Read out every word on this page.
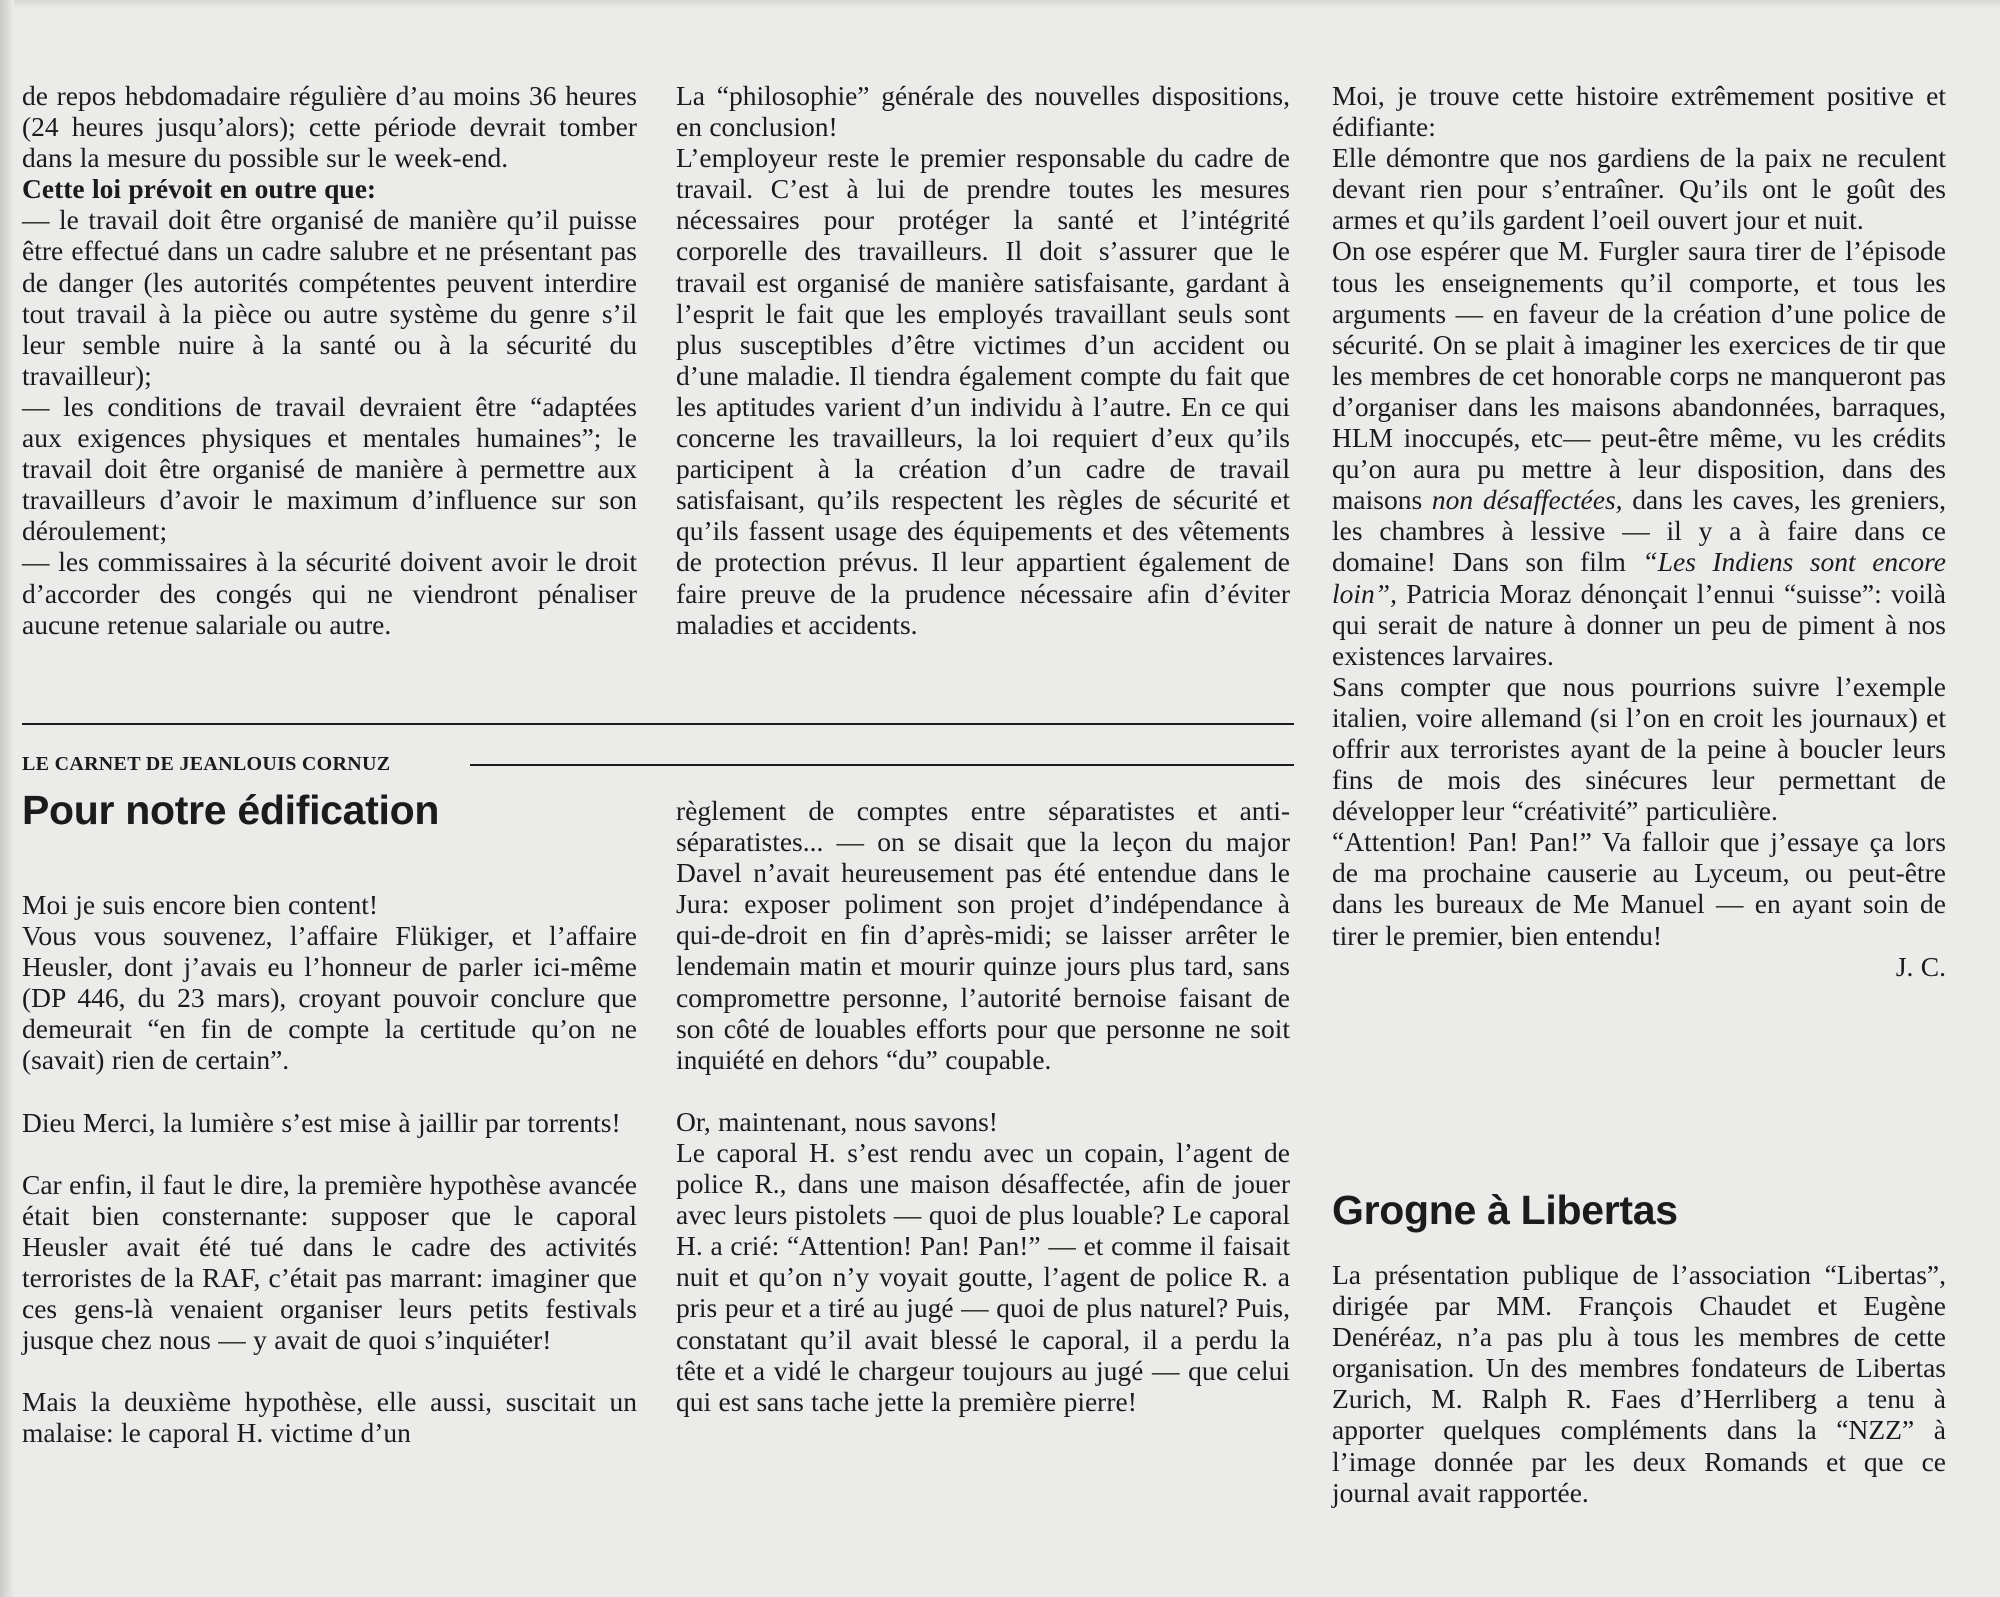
de repos hebdomadaire régulière d’au moins 36 heures (24 heures jusqu’alors); cette période devrait tomber dans la mesure du possible sur le week-end.

Cette loi prévoit en outre que:

— le travail doit être organisé de manière qu’il puisse être effectué dans un cadre salubre et ne présentant pas de danger (les autorités compétentes peuvent interdire tout travail à la pièce ou autre système du genre s’il leur semble nuire à la santé ou à la sécurité du travailleur);

— les conditions de travail devraient être “adaptées aux exigences physiques et mentales humaines”; le travail doit être organisé de manière à permettre aux travailleurs d’avoir le maximum d’influence sur son déroulement;

— les commissaires à la sécurité doivent avoir le droit d’accorder des congés qui ne viendront pénaliser aucune retenue salariale ou autre.

La “philosophie” générale des nouvelles dispositions, en conclusion!

L’employeur reste le premier responsable du cadre de travail. C’est à lui de prendre toutes les mesures nécessaires pour protéger la santé et l’intégrité corporelle des travailleurs. Il doit s’assurer que le travail est organisé de manière satisfaisante, gardant à l’esprit le fait que les employés travaillant seuls sont plus susceptibles d’être victimes d’un accident ou d’une maladie. Il tiendra également compte du fait que les aptitudes varient d’un individu à l’autre. En ce qui concerne les travailleurs, la loi requiert d’eux qu’ils participent à la création d’un cadre de travail satisfaisant, qu’ils respectent les règles de sécurité et qu’ils fassent usage des équipements et des vêtements de protection prévus. Il leur appartient également de faire preuve de la prudence nécessaire afin d’éviter maladies et accidents.

LE CARNET DE JEANLOUIS CORNUZ
Pour notre édification

Moi je suis encore bien content!

Vous vous souvenez, l’affaire Flükiger, et l’affaire Heusler, dont j’avais eu l’honneur de parler ici-même (DP 446, du 23 mars), croyant pouvoir conclure que demeurait “en fin de compte la certitude qu’on ne (savait) rien de certain”.

Dieu Merci, la lumière s’est mise à jaillir par torrents!

Car enfin, il faut le dire, la première hypothèse avancée était bien consternante: supposer que le caporal Heusler avait été tué dans le cadre des activités terroristes de la RAF, c’était pas marrant: imaginer que ces gens-là venaient organiser leurs petits festivals jusque chez nous — y avait de quoi s’inquiéter!

Mais la deuxième hypothèse, elle aussi, suscitait un malaise: le caporal H. victime d’un

règlement de comptes entre séparatistes et anti-séparatistes... — on se disait que la leçon du major Davel n’avait heureusement pas été entendue dans le Jura: exposer poliment son projet d’indépendance à qui-de-droit en fin d’après-midi; se laisser arrêter le lendemain matin et mourir quinze jours plus tard, sans compromettre personne, l’autorité bernoise faisant de son côté de louables efforts pour que personne ne soit inquiété en dehors “du” coupable.

Or, maintenant, nous savons!

Le caporal H. s’est rendu avec un copain, l’agent de police R., dans une maison désaffectée, afin de jouer avec leurs pistolets — quoi de plus louable? Le caporal H. a crié: “Attention! Pan! Pan!” — et comme il faisait nuit et qu’on n’y voyait goutte, l’agent de police R. a pris peur et a tiré au jugé — quoi de plus naturel? Puis, constatant qu’il avait blessé le caporal, il a perdu la tête et a vidé le chargeur toujours au jugé — que celui qui est sans tache jette la première pierre!

Moi, je trouve cette histoire extrêmement positive et édifiante:

Elle démontre que nos gardiens de la paix ne reculent devant rien pour s’entraîner. Qu’ils ont le goût des armes et qu’ils gardent l’oeil ouvert jour et nuit.

On ose espérer que M. Furgler saura tirer de l’épisode tous les enseignements qu’il comporte, et tous les arguments — en faveur de la création d’une police de sécurité. On se plait à imaginer les exercices de tir que les membres de cet honorable corps ne manqueront pas d’organiser dans les maisons abandonnées, barraques, HLM inoccupés, etc— peut-être même, vu les crédits qu’on aura pu mettre à leur disposition, dans des maisons non désaffectées, dans les caves, les greniers, les chambres à lessive — il y a à faire dans ce domaine! Dans son film “Les Indiens sont encore loin”, Patricia Moraz dénonçait l’ennui “suisse”: voilà qui serait de nature à donner un peu de piment à nos existences larvaires.

Sans compter que nous pourrions suivre l’exemple italien, voire allemand (si l’on en croit les journaux) et offrir aux terroristes ayant de la peine à boucler leurs fins de mois des sinécures leur permettant de développer leur “créativité” particulière.

“Attention! Pan! Pan!” Va falloir que j’essaye ça lors de ma prochaine causerie au Lyceum, ou peut-être dans les bureaux de Me Manuel — en ayant soin de tirer le premier, bien entendu!

J. C.

Grogne à Libertas

La présentation publique de l’association “Libertas”, dirigée par MM. François Chaudet et Eugène Denéréaz, n’a pas plu à tous les membres de cette organisation. Un des membres fondateurs de Libertas Zurich, M. Ralph R. Faes d’Herrliberg a tenu à apporter quelques compléments dans la “NZZ” à l’image donnée par les deux Romands et que ce journal avait rapportée.
